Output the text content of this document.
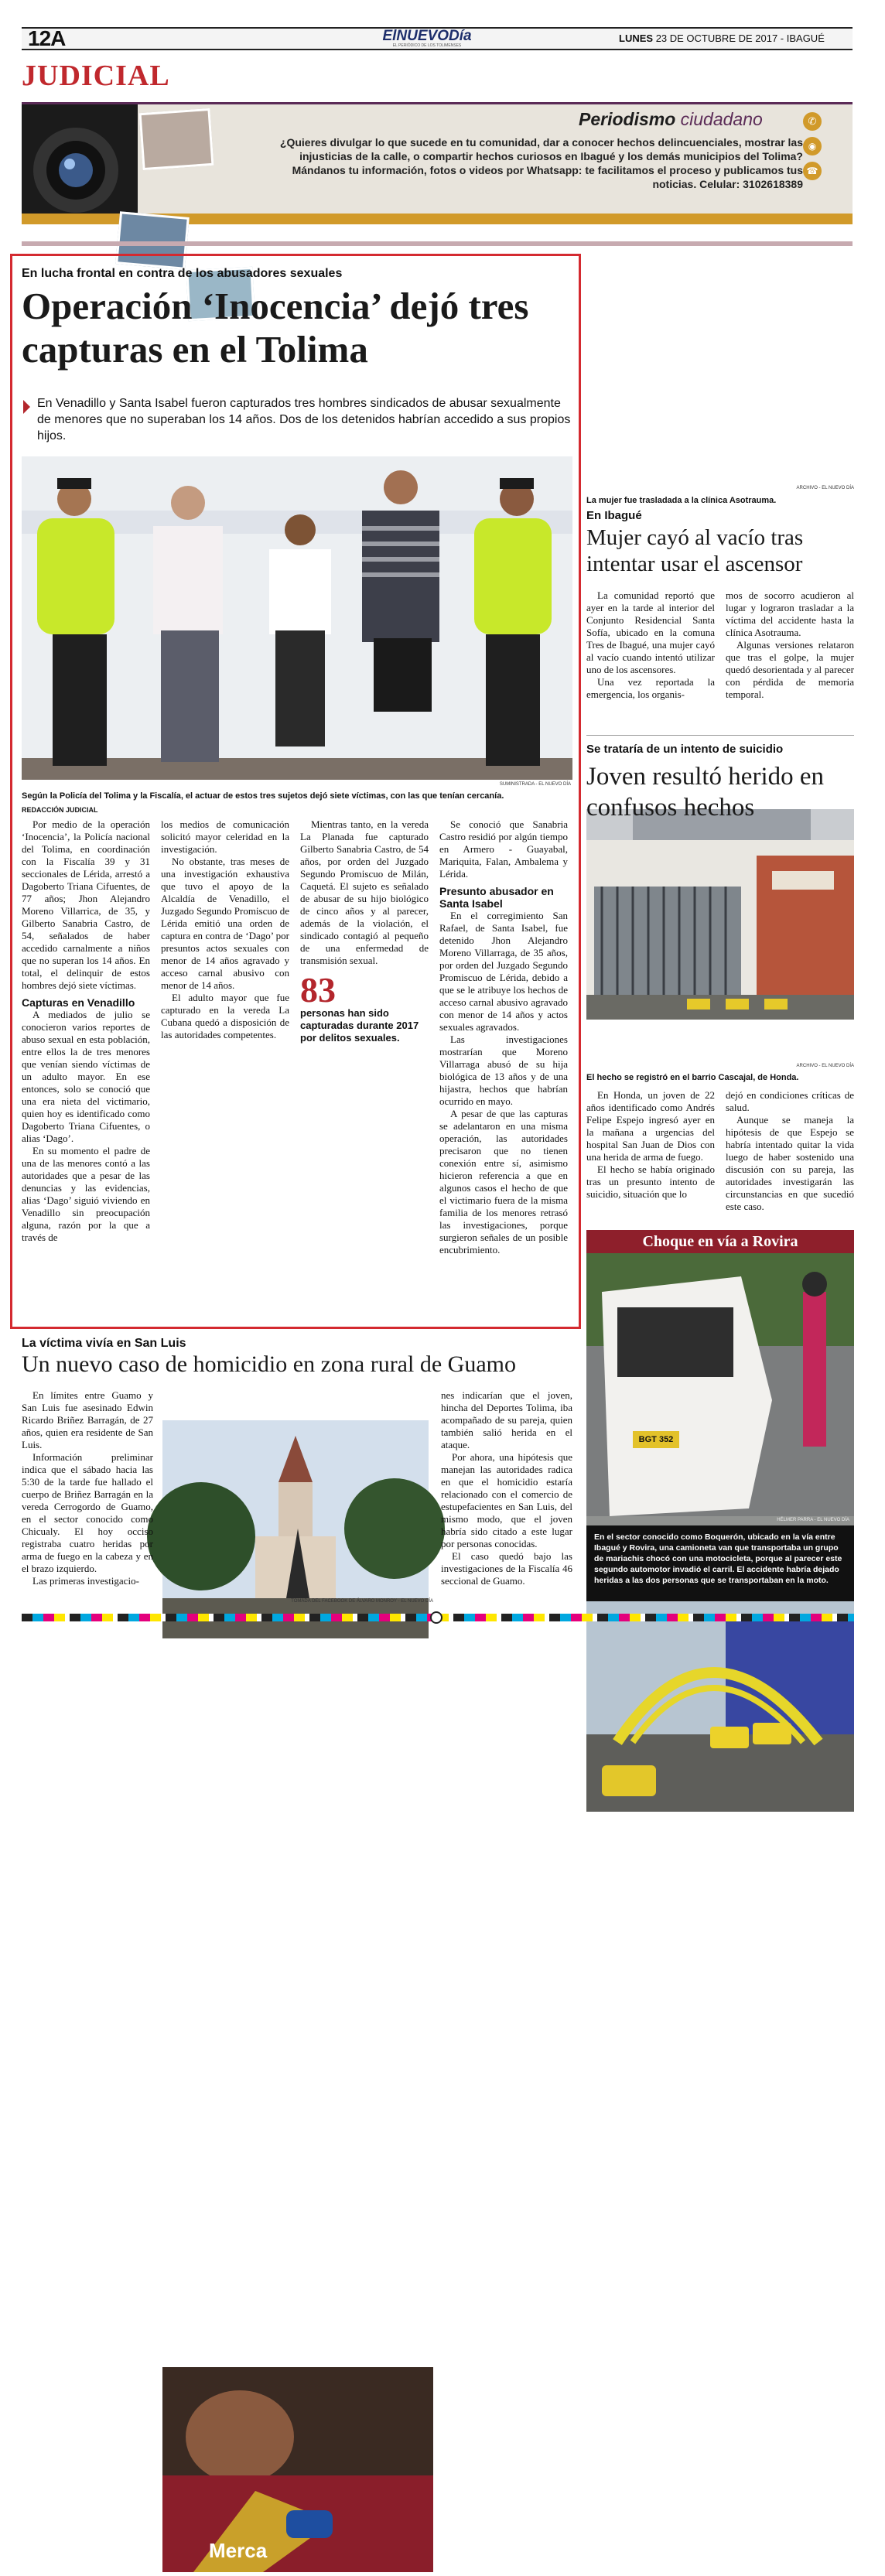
12A	ElNUEVODía
EL PERIÓDICO DE LOS TOLIMENSES
LUNES 23 DE OCTUBRE DE 2017 - IBAGUÉ
JUDICIAL
Periodismo ciudadano
¿Quieres divulgar lo que sucede en tu comunidad, dar a conocer hechos delincuenciales, mostrar las injusticias de la calle, o compartir hechos curiosos en Ibagué y los demás municipios del Tolima? Mándanos tu información, fotos o videos por Whatsapp: te facilitamos el proceso y publicamos tus noticias. Celular: 3102618389
✆
◉
☎
En lucha frontal en contra de los abusadores sexuales
Operación ‘Inocencia’ dejó tres capturas en el Tolima
En Venadillo y Santa Isabel fueron capturados tres hombres sindicados de abusar sexualmente de menores que no superaban los 14 años. Dos de los detenidos habrían accedido a sus propios hijos.
SUMINISTRADA - EL NUEVO DÍA
Según la Policía del Tolima y la Fiscalía, el actuar de estos tres sujetos dejó siete víctimas, con las que tenían cercanía.
REDACCIÓN JUDICIAL

Por medio de la operación ‘Inocencia’, la Policía nacional del Tolima, en coordinación con la Fiscalía 39 y 31 seccionales de Lérida, arrestó a Dagoberto Triana Cifuentes, de 77 años; Jhon Alejandro Moreno Villarrica, de 35, y Gilberto Sanabria Castro, de 54, señalados de haber accedido carnalmente a niños que no superan los 14 años. En total, el delinquir de estos hombres dejó siete víctimas.

Capturas en Venadillo

A mediados de julio se conocieron varios reportes de abuso sexual en esta población, entre ellos la de tres menores que venían siendo víctimas de un adulto mayor. En ese entonces, solo se conoció que una era nieta del victimario, quien hoy es identificado como Dagoberto Triana Cifuentes, o alias ‘Dago’.

En su momento el padre de una de las menores contó a las autoridades que a pesar de las denuncias y las evidencias, alias ‘Dago’ siguió viviendo en Venadillo sin preocupación alguna, razón por la que a través de

los medios de comunicación solicitó mayor celeridad en la investigación.

No obstante, tras meses de una investigación exhaustiva que tuvo el apoyo de la Alcaldía de Venadillo, el Juzgado Segundo Promiscuo de Lérida emitió una orden de captura en contra de ‘Dago’ por presuntos actos sexuales con menor de 14 años agravado y acceso carnal abusivo con menor de 14 años.

El adulto mayor que fue capturado en la vereda La Cubana quedó a disposición de las autoridades competentes.

Mientras tanto, en la vereda La Planada fue capturado Gilberto Sanabria Castro, de 54 años, por orden del Juzgado Segundo Promiscuo de Milán, Caquetá. El sujeto es señalado de abusar de su hijo biológico de cinco años y al parecer, además de la violación, el sindicado contagió al pequeño de una enfermedad de transmisión sexual.

83
personas han sido capturadas durante 2017 por delitos sexuales.

Se conoció que Sanabria Castro residió por algún tiempo en Armero - Guayabal, Mariquita, Falan, Ambalema y Lérida.

Presunto abusador en Santa Isabel

En el corregimiento San Rafael, de Santa Isabel, fue detenido Jhon Alejandro Moreno Villarraga, de 35 años, por orden del Juzgado Segundo Promiscuo de Lérida, debido a que se le atribuye los hechos de acceso carnal abusivo agravado con menor de 14 años y actos sexuales agravados.

Las investigaciones mostrarían que Moreno Villarraga abusó de su hija biológica de 13 años y de una hijastra, hechos que habrían ocurrido en mayo.

A pesar de que las capturas se adelantaron en una misma operación, las autoridades precisaron que no tienen conexión entre sí, asimismo hicieron referencia a que en algunos casos el hecho de que el victimario fuera de la misma familia de los menores retrasó las investigaciones, porque surgieron señales de un posible encubrimiento.

La mujer fue trasladada a la clínica Asotrauma.
ARCHIVO - EL NUEVO DÍA
En Ibagué
Mujer cayó al vacío tras intentar usar el ascensor

La comunidad reportó que ayer en la tarde al interior del Conjunto Residencial Santa Sofía, ubicado en la comuna Tres de Ibagué, una mujer cayó al vacío cuando intentó utilizar uno de los ascensores.

Una vez reportada la emergencia, los organis-

mos de socorro acudieron al lugar y lograron trasladar a la víctima del accidente hasta la clínica Asotrauma.

Algunas versiones relataron que tras el golpe, la mujer quedó desorientada y al parecer con pérdida de memoria temporal.

Se trataría de un intento de suicidio
Joven resultó herido en confusos hechos
ARCHIVO - EL NUEVO DÍA
El hecho se registró en el barrio Cascajal, de Honda.

En Honda, un joven de 22 años identificado como Andrés Felipe Espejo ingresó ayer en la mañana a urgencias del hospital San Juan de Dios con una herida de arma de fuego.

El hecho se había originado tras un presunto intento de suicidio, situación que lo

dejó en condiciones críticas de salud.

Aunque se maneja la hipótesis de que Espejo se habría intentado quitar la vida luego de haber sostenido una discusión con su pareja, las autoridades investigarán las circunstancias en que sucedió este caso.

Choque en vía a Rovira
BGT 352
HÉLMER PARRA - EL NUEVO DÍA
En el sector conocido como Boquerón, ubicado en la vía entre Ibagué y Rovira, una camioneta van que transportaba un grupo de mariachis chocó con una motocicleta, porque al parecer este segundo automotor invadió el carril. El accidente habría dejado heridas a las dos personas que se transportaban en la moto.
La víctima vivía en San Luis
Un nuevo caso de homicidio en zona rural de Guamo

En límites entre Guamo y San Luis fue asesinado Edwin Ricardo Briñez Barragán, de 27 años, quien era residente de San Luis.

Información preliminar indica que el sábado hacia las 5:30 de la tarde fue hallado el cuerpo de Briñez Barragán en la vereda Cerrogordo de Guamo, en el sector conocido como Chicualy. El hoy occiso registraba cuatro heridas por arma de fuego en la cabeza y en el brazo izquierdo.

Las primeras investigacio-

Merca
TOMADA DEL FACEBOOK DE ÁLVARO MONROY - EL NUEVO DÍA

nes indicarían que el joven, hincha del Deportes Tolima, iba acompañado de su pareja, quien también salió herida en el ataque.

Por ahora, una hipótesis que manejan las autoridades radica en que el homicidio estaría relacionado con el comercio de estupefacientes en San Luis, del mismo modo, que el joven habría sido citado a este lugar por personas conocidas.

El caso quedó bajo las investigaciones de la Fiscalía 46 seccional de Guamo.
